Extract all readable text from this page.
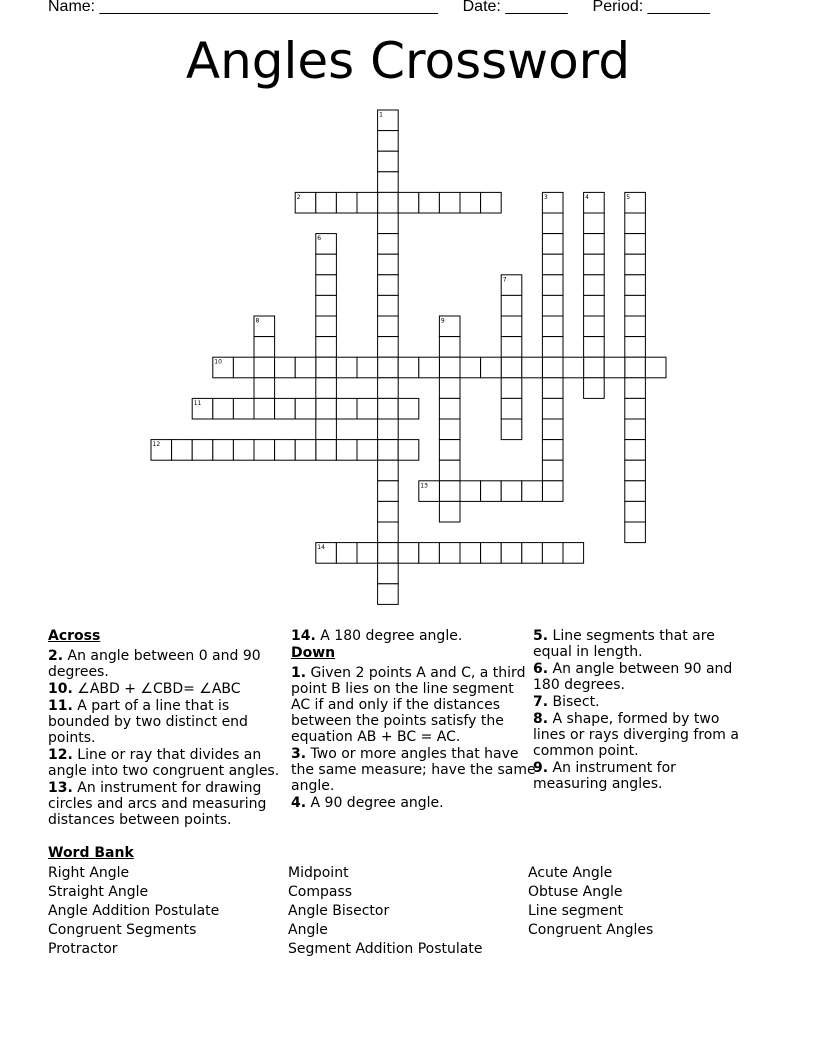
Name: ______________________________________ Date: _______ Period: _______
Angles Crossword
1
2	3	4	5
6
7
8	9
10
11
12
13
14
Across
2. An angle between 0 and 90 degrees.
10. ∠ABD + ∠CBD= ∠ABC
11. A part of a line that is bounded by two distinct end points.
12. Line or ray that divides an angle into two congruent angles.
13. An instrument for drawing circles and arcs and measuring distances between points.
14. A 180 degree angle.
Down
1. Given 2 points A and C, a third point B lies on the line segment AC if and only if the distances between the points satisfy the equation AB + BC = AC.
3. Two or more angles that have the same measure; have the same angle.
4. A 90 degree angle.
5. Line segments that are equal in length.
6. An angle between 90 and 180 degrees.
7. Bisect.
8. A shape, formed by two lines or rays diverging from a common point.
9. An instrument for measuring angles.
Word Bank
Right Angle
Straight Angle
Angle Addition Postulate
Congruent Segments
Protractor
Midpoint
Compass
Angle Bisector
Angle
Segment Addition Postulate
Acute Angle
Obtuse Angle
Line segment
Congruent Angles
